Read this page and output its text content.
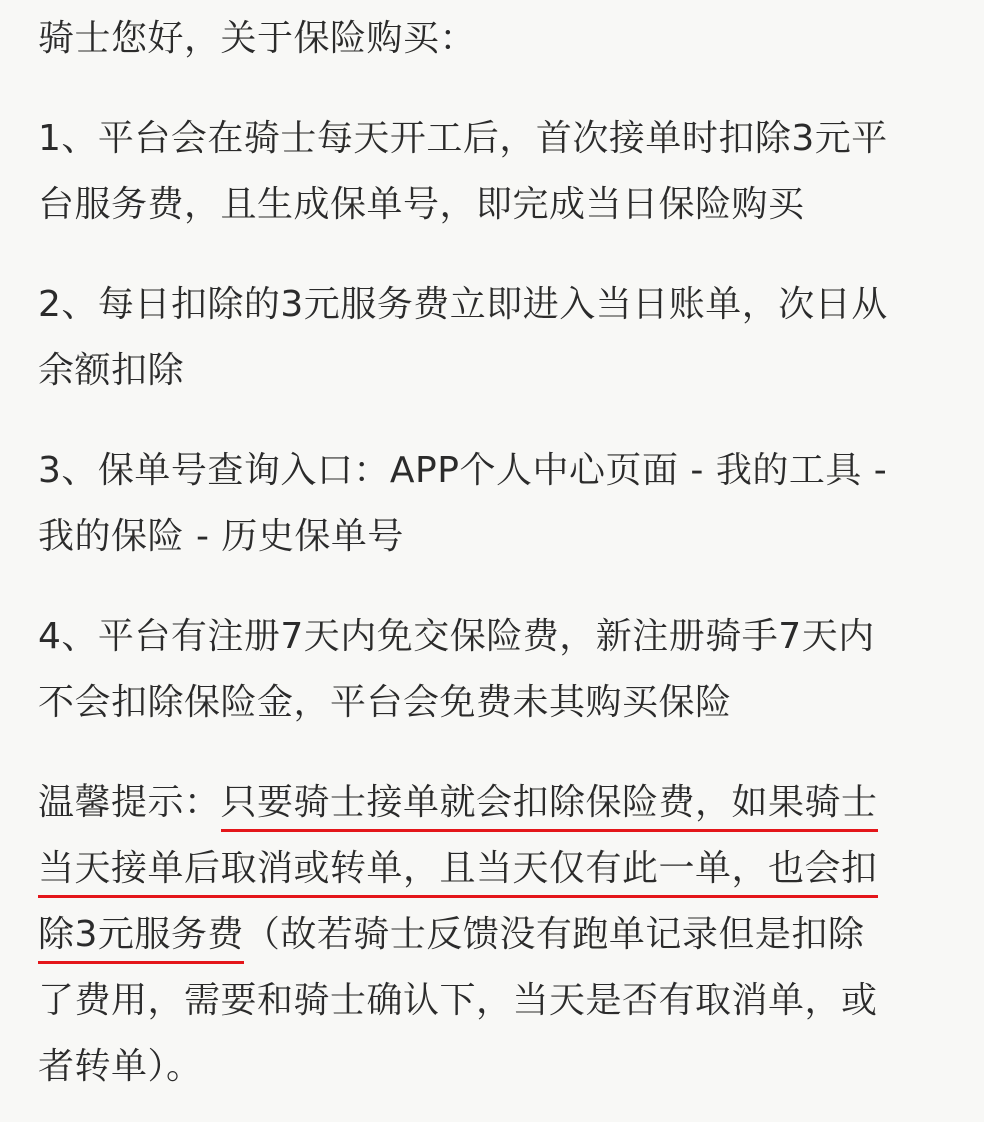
骑士您好，关于保险购买：
1、平台会在骑士每天开工后，首次接单时扣除3元平
台服务费，且生成保单号，即完成当日保险购买
2、每日扣除的3元服务费立即进入当日账单，次日从
余额扣除
3、保单号查询入口：APP个人中心页面 - 我的工具 -
我的保险 - 历史保单号
4、平台有注册7天内免交保险费，新注册骑手7天内
不会扣除保险金，平台会免费未其购买保险
温馨提示：只要骑士接单就会扣除保险费，如果骑士
当天接单后取消或转单，且当天仅有此一单，也会扣
除3元服务费（故若骑士反馈没有跑单记录但是扣除
了费用，需要和骑士确认下，当天是否有取消单，或
者转单）。
